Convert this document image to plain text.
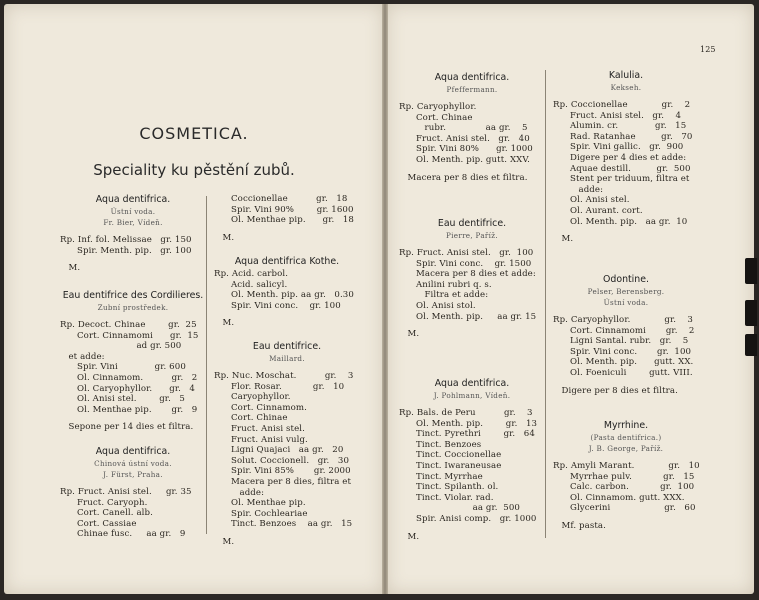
COSMETICA.
Speciality ku pěstění zubů.
125
Aqua dentifrica.
Ústní voda.
Fr. Bier, Vídeň.
Rp. Inf. fol. Melissae   gr. 150
Spir. Menth. pip.   gr. 100
M.
Eau dentifrice des Cordilieres.
Zubní prostředek.
Rp. Decoct. Chinae        gr.  25
Cort. Cinnamomi      gr.  15
ad gr. 500
et adde:
Spir. Vini             gr. 600
Ol. Cinnamom.          gr.   2
Ol. Caryophyllor.      gr.   4
Ol. Anisi stel.        gr.   5
Ol. Menthae pip.       gr.   9
Sepone per 14 dies et filtra.
Aqua dentifrica.
Chinová ústní voda.
J. Fürst, Praha.
Rp. Fruct. Anisi stel.     gr. 35
Fruct. Caryoph.
Cort. Canell. alb.
Cort. Cassiae
Chinae fusc.     aa gr.   9
Coccionellae          gr.   18
Spir. Vini 90%        gr. 1600
Ol. Menthae pip.      gr.   18
M.
Aqua dentifrica Kothe.
Rp. Acid. carbol.
Acid. salicyl.
Ol. Menth. pip. aa gr.   0.30
Spir. Vini conc.    gr. 100
M.
Eau dentifrice.
Maillard.
Rp. Nuc. Moschat.          gr.    3
Flor. Rosar.           gr.   10
Caryophyllor.
Cort. Cinnamom.
Cort. Chinae
Fruct. Anisi stel.
Fruct. Anisi vulg.
Ligni Quajaci   aa gr.   20
Solut. Coccionell.   gr.   30
Spir. Vini 85%       gr. 2000
Macera per 8 dies, filtra et
adde:
Ol. Menthae pip.
Spir. Cochleariae
Tinct. Benzoes    aa gr.   15
M.
Aqua dentifrica.
Pfeffermann.
Rp. Caryophyllor.
Cort. Chinae
rubr.              aa gr.    5
Fruct. Anisi stel.   gr.   40
Spir. Vini 80%      gr. 1000
Ol. Menth. pip. gutt. XXV.
Macera per 8 dies et filtra.
Eau dentifrice.
Pierre, Paříž.
Rp. Fruct. Anisi stel.   gr.  100
Spir. Vini conc.    gr. 1500
Macera per 8 dies et adde:
Anilini rubri q. s.
Filtra et adde:
Ol. Anisi stol.
Ol. Menth. pip.     aa gr. 15
M.
Aqua dentifrica.
J. Pohlmann, Vídeň.
Rp. Bals. de Peru          gr.    3
Ol. Menth. pip.        gr.   13
Tinct. Pyrethri        gr.   64
Tinct. Benzoes
Tinct. Coccionellae
Tinct. Iwaraneusae
Tinct. Myrrhae
Tinct. Spilanth. ol.
Tinct. Violar. rad.
aa gr.  500
Spir. Anisi comp.   gr. 1000
M.
Kalulia.
Kekseh.
Rp. Coccionellae            gr.    2
Fruct. Anisi stel.   gr.    4
Alumin. cr.             gr.   15
Rad. Ratanhae         gr.   70
Spir. Vini gallic.   gr.  900
Digere per 4 dies et adde:
Aquae destill.         gr.  500
Stent per triduum, filtra et
adde:
Ol. Anisi stel.
Ol. Aurant. cort.
Ol. Menth. pip.   aa gr.  10
M.
Odontine.
Pelser, Berensberg.
Ústní voda.
Rp. Caryophyllor.            gr.    3
Cort. Cinnamomi       gr.    2
Ligni Santal. rubr.   gr.    5
Spir. Vini conc.       gr.  100
Ol. Menth. pip.      gutt. XX.
Ol. Foeniculi        gutt. VIII.
Digere per 8 dies et filtra.
Myrrhine.
(Pasta dentifrica.)
J. B. George, Paříž.
Rp. Amyli Marant.            gr.   10
Myrrhae pulv.           gr.   15
Calc. carbon.           gr.  100
Ol. Cinnamom. gutt. XXX.
Glycerini                   gr.   60
Mf. pasta.
